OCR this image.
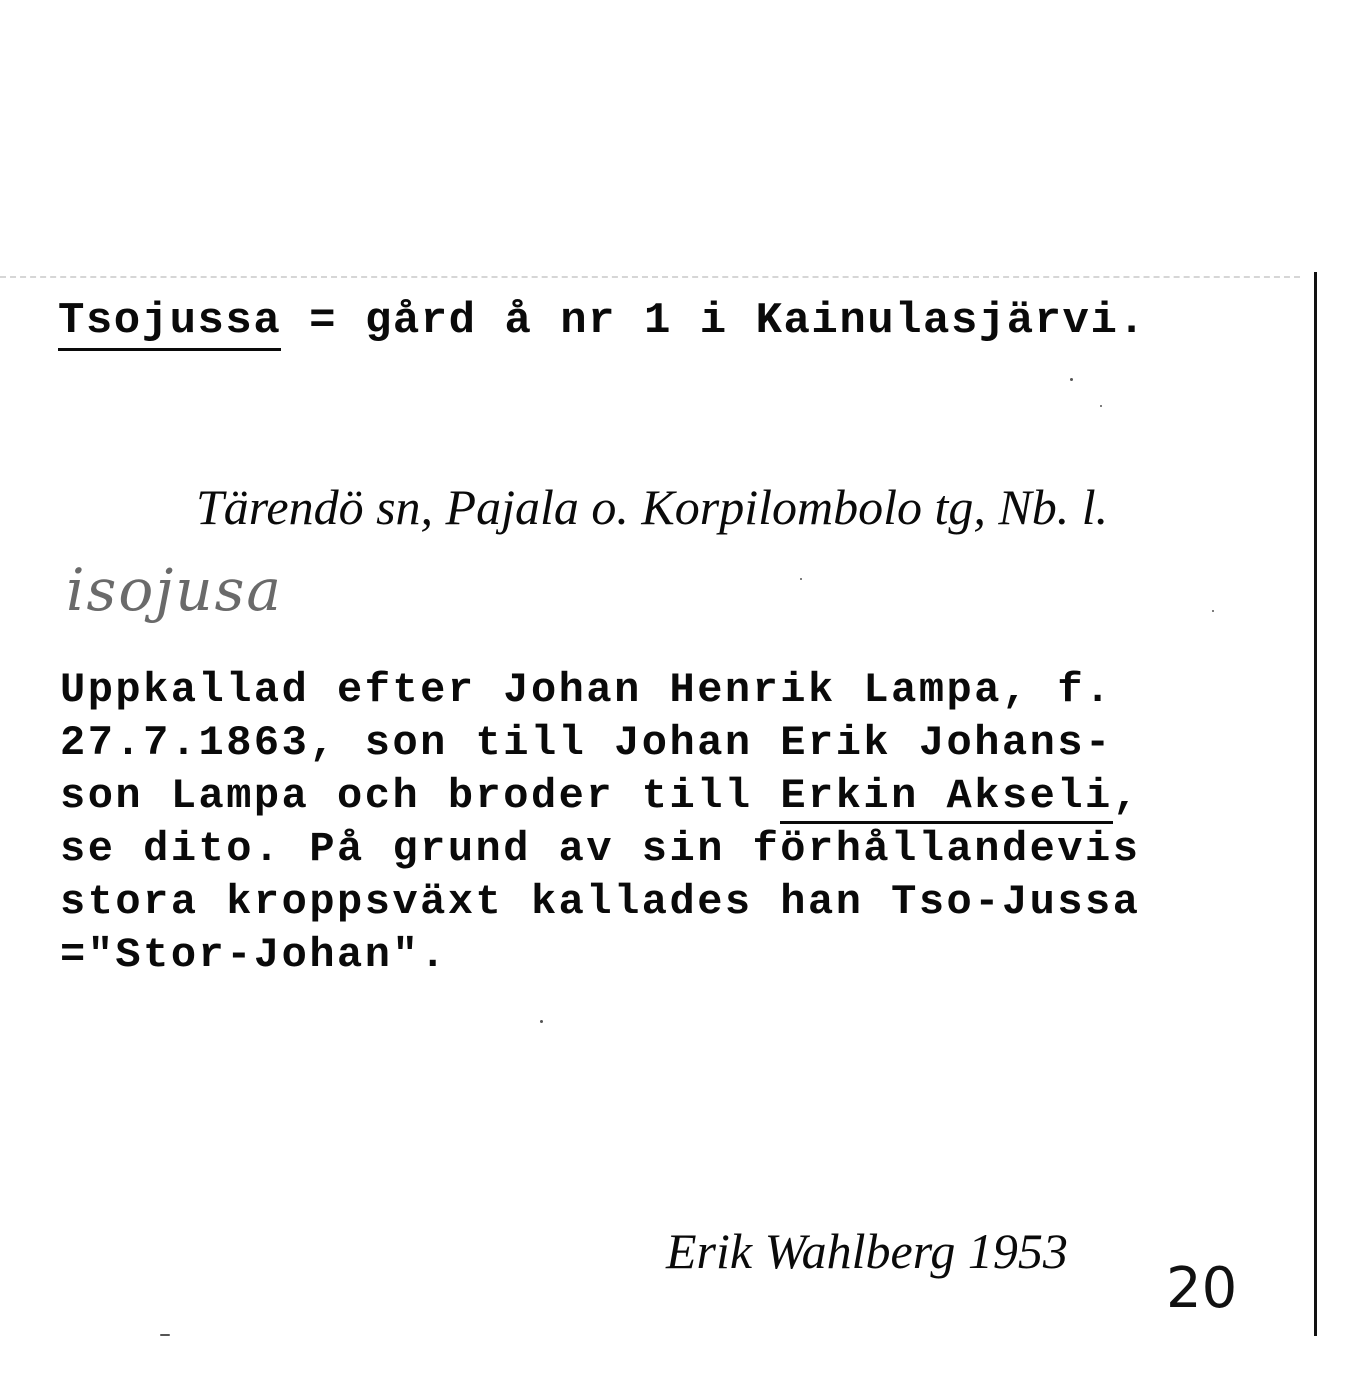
Tsojussa = gård å nr 1 i Kainulasjärvi.
Tärendö sn, Pajala o. Korpilombolo tg, Nb. l.
isojusa
Uppkallad efter Johan Henrik Lampa, f.
27.7.1863, son till Johan Erik Johans-
son Lampa och broder till Erkin Akseli,
se dito. På grund av sin förhållandevis
stora kroppsväxt kallades han Tso-Jussa
="Stor-Johan".
Erik Wahlberg 1953
20
